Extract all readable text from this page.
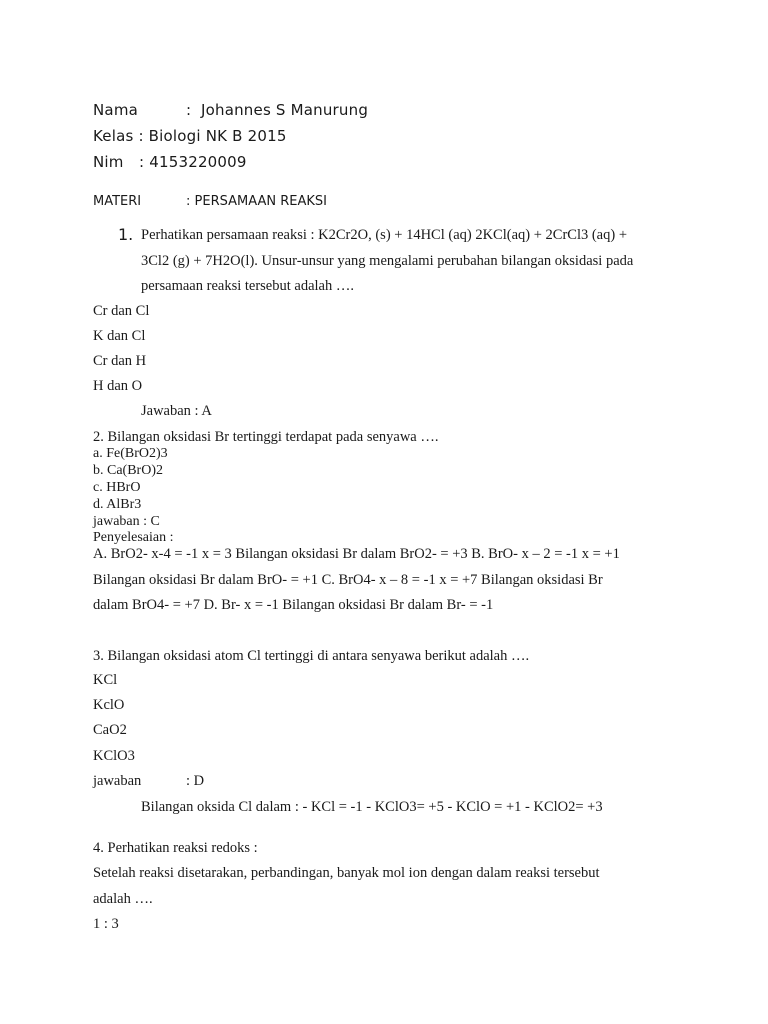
Nama	: Johannes S Manurung
Kelas : Biologi NK B 2015
Nim : 4153220009
MATERI	: PERSAMAAN REAKSI
1. Perhatikan persamaan reaksi : K2Cr2O, (s) + 14HCl (aq) 2KCl(aq) + 2CrCl3 (aq) +
3Cl2 (g) + 7H2O(l). Unsur-unsur yang mengalami perubahan bilangan oksidasi pada
persamaan reaksi tersebut adalah ….
Cr dan Cl
K dan Cl
Cr dan H
H dan O
Jawaban : A
2. Bilangan oksidasi Br tertinggi terdapat pada senyawa ….
a. Fe(BrO2)3
b. Ca(BrO)2
c. HBrO
d. AlBr3
jawaban : C
Penyelesaian :
A. BrO2- x-4 = -1 x = 3 Bilangan oksidasi Br dalam BrO2- = +3 B. BrO- x – 2 = -1 x = +1
Bilangan oksidasi Br dalam BrO- = +1 C. BrO4- x – 8 = -1 x = +7 Bilangan oksidasi Br
dalam BrO4- = +7 D. Br- x = -1 Bilangan oksidasi Br dalam Br- = -1
3. Bilangan oksidasi atom Cl tertinggi di antara senyawa berikut adalah ….
KCl
KclO
CaO2
KClO3
jawaban	: D
Bilangan oksida Cl dalam : - KCl = -1 - KClO3= +5 - KClO = +1 - KClO2= +3
4. Perhatikan reaksi redoks :
Setelah reaksi disetarakan, perbandingan, banyak mol ion dengan dalam reaksi tersebut
adalah ….
1 : 3
